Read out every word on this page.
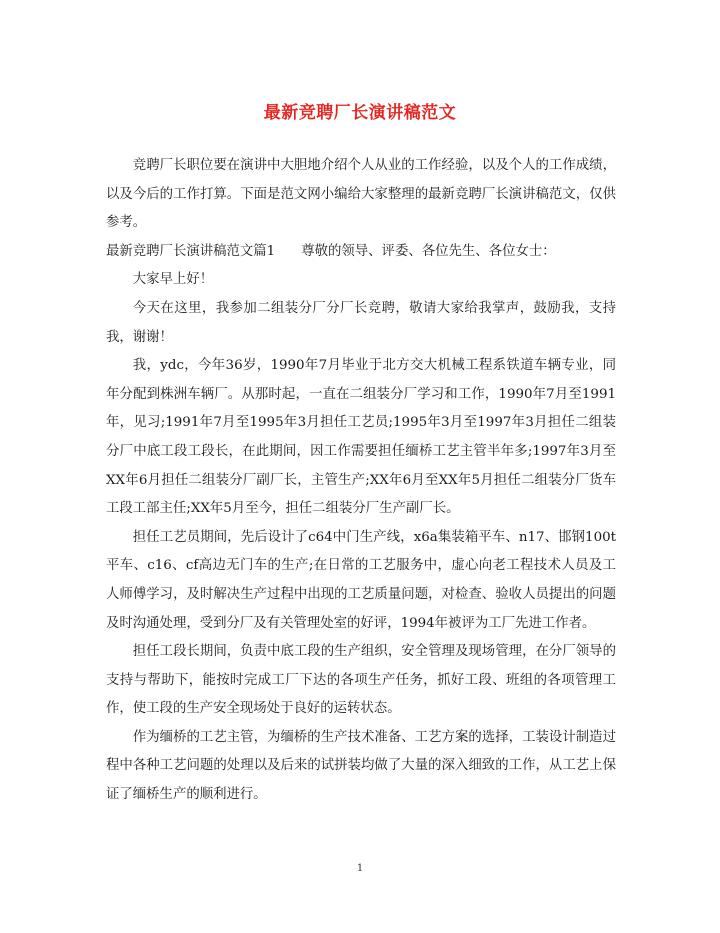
最新竞聘厂长演讲稿范文

竞聘厂长职位要在演讲中大胆地介绍个人从业的工作经验，以及个人的工作成绩，以及今后的工作打算。下面是范文网小编给大家整理的最新竞聘厂长演讲稿范文，仅供参考。

最新竞聘厂长演讲稿范文篇1 尊敬的领导、评委、各位先生、各位女士：

大家早上好！

今天在这里，我参加二组装分厂分厂长竞聘，敬请大家给我掌声，鼓励我，支持我，谢谢！

我，ydc，今年36岁，1990年7月毕业于北方交大机械工程系铁道车辆专业，同年分配到株洲车辆厂。从那时起，一直在二组装分厂学习和工作，1990年7月至1991年，见习;1991年7月至1995年3月担任工艺员;1995年3月至1997年3月担任二组装分厂中底工段工段长，在此期间，因工作需要担任缅桥工艺主管半年多;1997年3月至XX年6月担任二组装分厂副厂长，主管生产;XX年6月至XX年5月担任二组装分厂货车工段工部主任;XX年5月至今，担任二组装分厂生产副厂长。

担任工艺员期间，先后设计了c64中门生产线，x6a集装箱平车、n17、邯钢100t平车、c16、cf高边无门车的生产;在日常的工艺服务中，虚心向老工程技术人员及工人师傅学习，及时解决生产过程中出现的工艺质量问题，对检查、验收人员提出的问题及时沟通处理，受到分厂及有关管理处室的好评，1994年被评为工厂先进工作者。

担任工段长期间，负责中底工段的生产组织，安全管理及现场管理，在分厂领导的支持与帮助下，能按时完成工厂下达的各项生产任务，抓好工段、班组的各项管理工作，使工段的生产安全现场处于良好的运转状态。

作为缅桥的工艺主管，为缅桥的生产技术准备、工艺方案的选择，工装设计制造过程中各种工艺问题的处理以及后来的试拼装均做了大量的深入细致的工作，从工艺上保证了缅桥生产的顺利进行。

1
